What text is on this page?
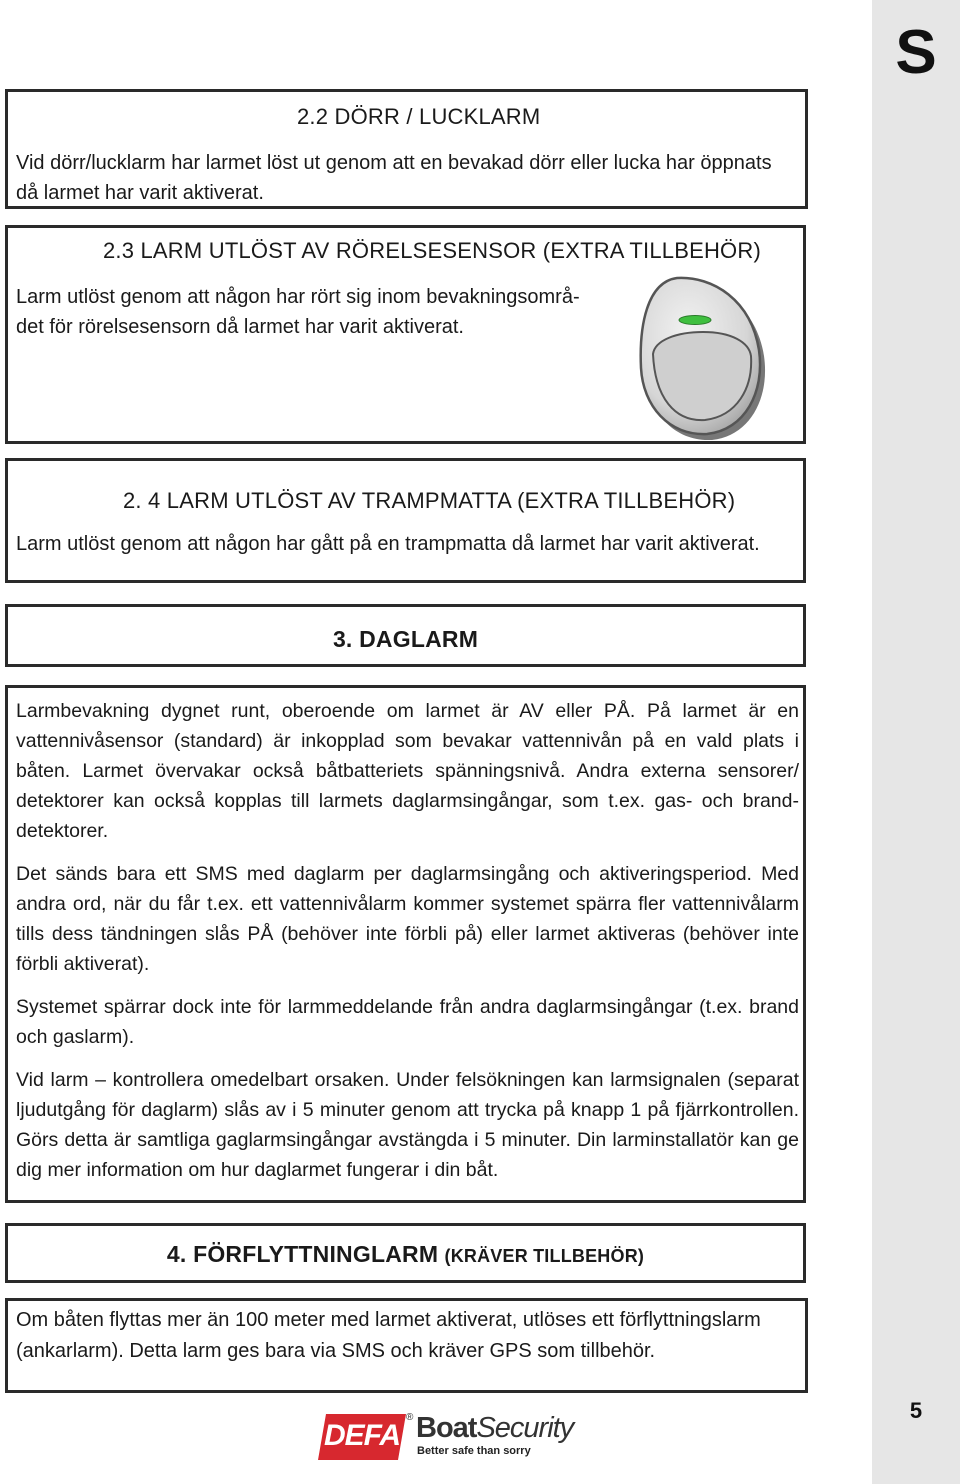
S
5
2.2 DÖRR / LUCKLARM
Vid dörr/lucklarm har larmet löst ut genom att en bevakad dörr eller lucka har öppnats
då larmet har varit aktiverat.
2.3 LARM UTLÖST AV RÖRELSESENSOR (EXTRA TILLBEHÖR)
Larm utlöst genom att någon har rört sig inom bevakningsområ-
det för rörelsesensorn då larmet har varit aktiverat.
2. 4 LARM UTLÖST AV TRAMPMATTA (EXTRA TILLBEHÖR)
Larm utlöst genom att någon har gått på en trampmatta då larmet har varit aktiverat.
3. DAGLARM
Larmbevakning dygnet runt, oberoende om larmet är AV eller PÅ. På larmet är en vattennivåsensor (standard) är inkopplad som bevakar vattennivån på en vald plats i båten. Larmet övervakar också båtbatteriets spänningsnivå. Andra externa sensorer/ detektorer kan också kopplas till larmets daglarmsingångar, som t.ex. gas- och brand-detektorer.
Det sänds bara ett SMS med daglarm per daglarmsingång och aktiveringsperiod. Med andra ord, när du får t.ex. ett vattennivålarm kommer systemet spärra fler vattennivålarm tills dess tändningen slås PÅ (behöver inte förbli på) eller larmet aktiveras (behöver inte förbli aktiverat).
Systemet spärrar dock inte för larmmeddelande från andra daglarmsingångar (t.ex. brand och gaslarm).
Vid larm – kontrollera omedelbart orsaken. Under felsökningen kan larmsignalen (separat ljudutgång för daglarm) slås av i 5 minuter genom att trycka på knapp 1 på fjärrkontrollen. Görs detta är samtliga gaglarmsingångar avstängda i 5 minuter. Din larminstallatör kan ge dig mer information om hur daglarmet fungerar i din båt.
4. FÖRFLYTTNINGLARM (KRÄVER TILLBEHÖR)
Om båten flyttas mer än 100 meter med larmet aktiverat, utlöses ett förflyttningslarm (ankarlarm). Detta larm ges bara via SMS och kräver GPS som tillbehör.
DEFA
® BoatSecurity
Better safe than sorry
